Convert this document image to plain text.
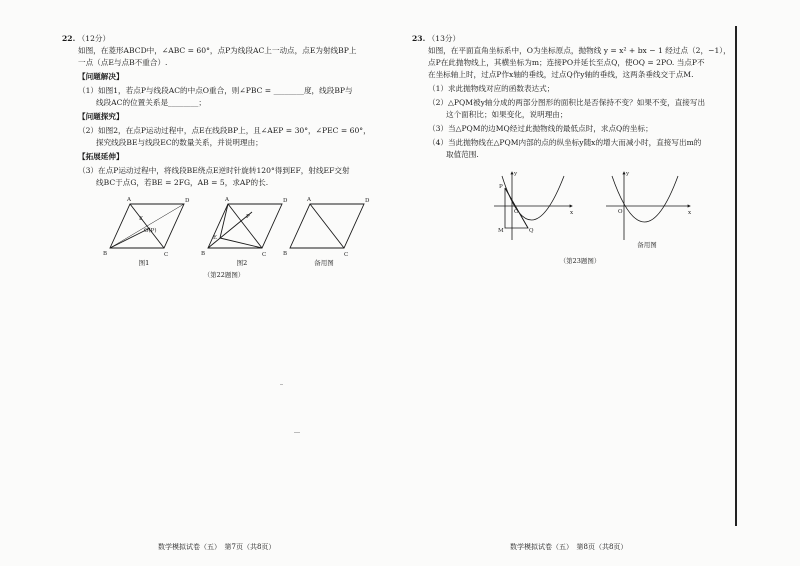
22. （12分）
如图，在菱形ABCD中，∠ABC = 60°，点P为线段AC上一动点，点E为射线BP上
一点（点E与点B不重合）.
【问题解决】
（1）如图1，若点P与线段AC的中点O重合，则∠PBC = ________度，线段BP与
线段AC的位置关系是________；
【问题探究】
（2）如图2，在点P运动过程中，点E在线段BP上，且∠AEP = 30°，∠PEC = 60°，
探究线段BE与线段EC的数量关系，并说明理由；
【拓展延伸】
（3）在点P运动过程中，将线段BE绕点E逆时针旋转120°得到EF，射线EF交射
线BC于点G，若BE = 2FG，AB = 5，求AP的长.
A	D
B	C
E
O(P)
A	D
B	C
E
P
A	D
B	C
图1	图2	备用图
（第22题图）
数学模拟试卷（五）　第7页（共8页）
23. （13分）
如图，在平面直角坐标系中，O为坐标原点，抛物线 y = x² + bx − 1 经过点（2，−1），
点P在此抛物线上，其横坐标为m；连接PO并延长至点Q，使OQ = 2PO. 当点P不
在坐标轴上时，过点P作x轴的垂线，过点Q作y轴的垂线，这两条垂线交于点M.
（1）求此抛物线对应的函数表达式；
（2）△PQM被y轴分成的两部分图形的面积比是否保持不变？如果不变，直接写出
这个面积比；如果变化，说明理由；
（3）当△PQM的边MQ经过此抛物线的最低点时，求点Q的坐标；
（4）当此抛物线在△PQM内部的点的纵坐标y随x的增大而减小时，直接写出m的
取值范围.
y
x
O
P
M	Q
y
x
O
备用图
（第23题图）
数学模拟试卷（五）　第8页（共8页）
